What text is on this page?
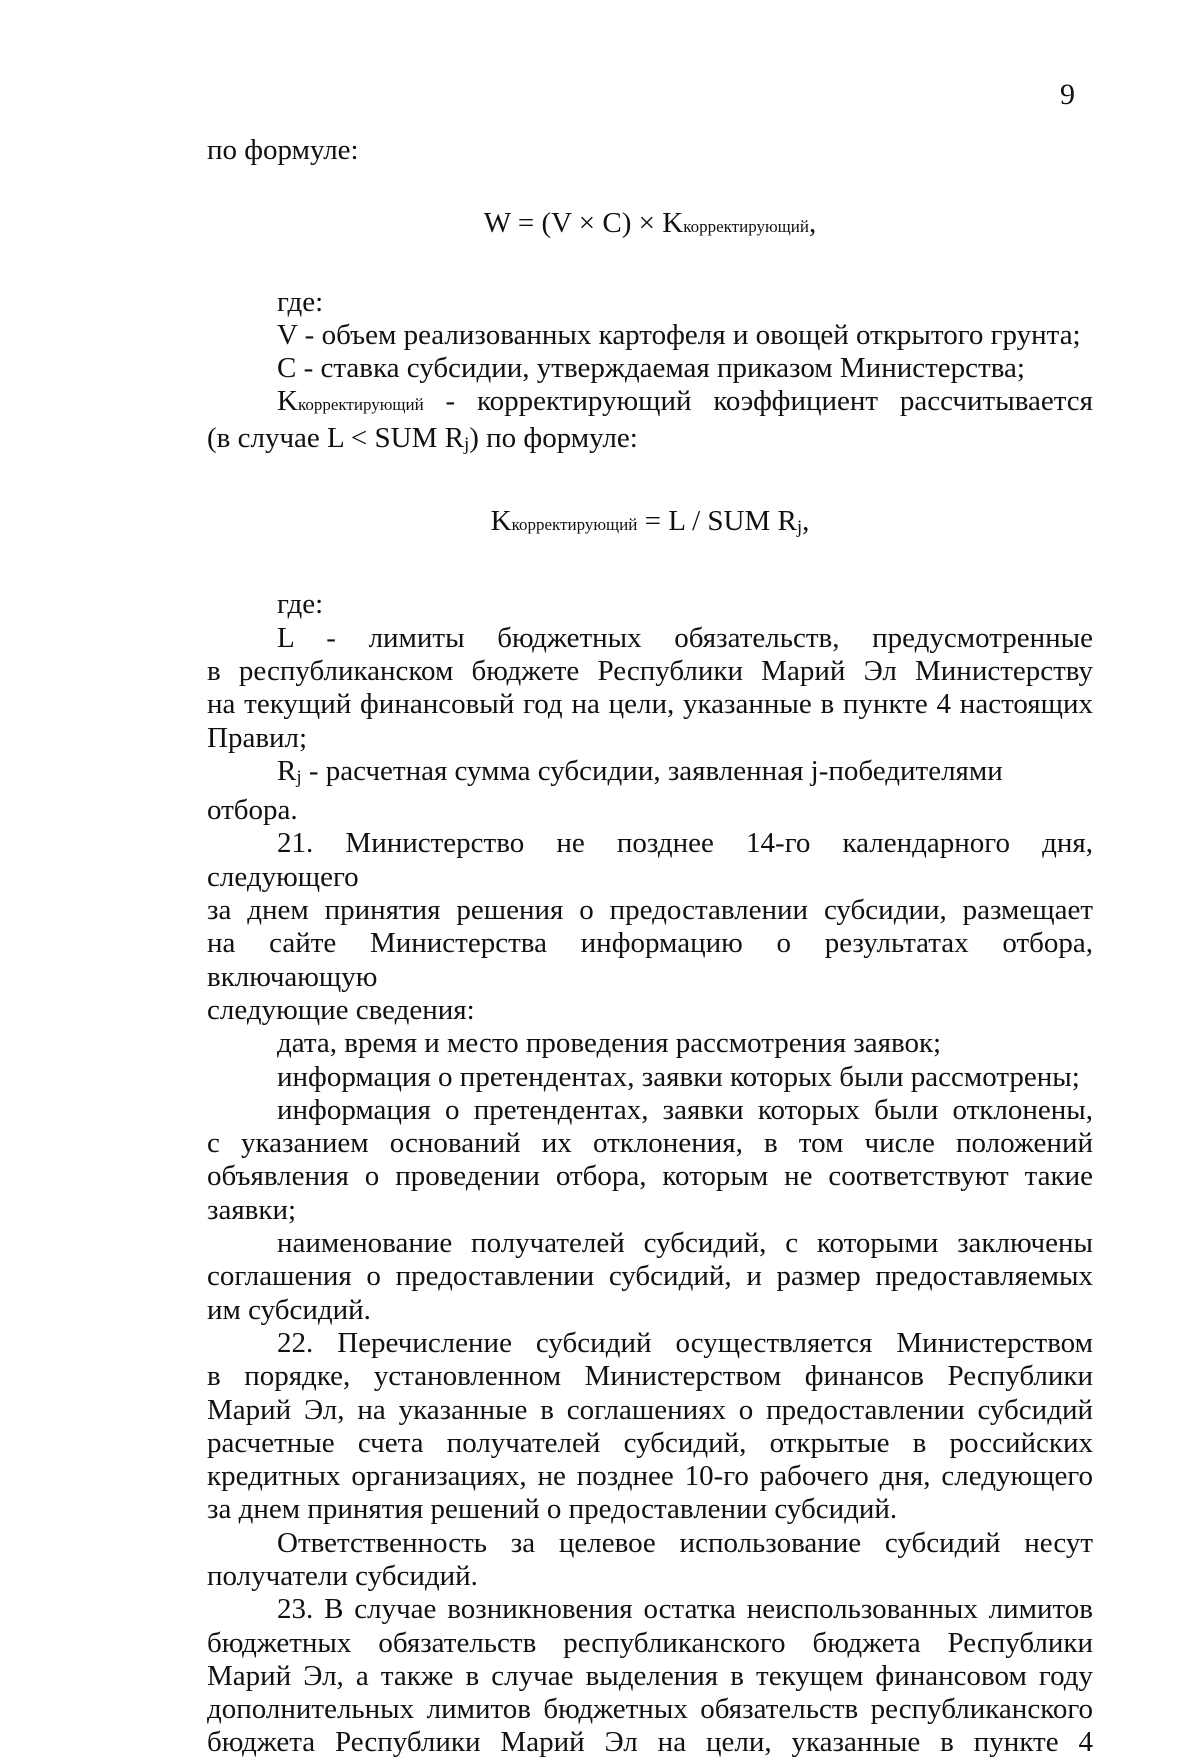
9

по формуле:

W = (V × C) × Kкорректирующий,

где:

V - объем реализованных картофеля и овощей открытого грунта;

C - ставка субсидии, утверждаемая приказом Министерства;

Kкорректирующий - корректирующий коэффициент рассчитывается

(в случае L < SUM Rj) по формуле:

Kкорректирующий = L / SUM Rj,

где:

L - лимиты бюджетных обязательств, предусмотренные

в республиканском бюджете Республики Марий Эл Министерству

на текущий финансовый год на цели, указанные в пункте 4 настоящих

Правил;

Rj - расчетная сумма субсидии, заявленная j-победителями отбора.

21. Министерство не позднее 14-го календарного дня, следующего

за днем принятия решения о предоставлении субсидии, размещает

на сайте Министерства информацию о результатах отбора, включающую

следующие сведения:

дата, время и место проведения рассмотрения заявок;

информация о претендентах, заявки которых были рассмотрены;

информация о претендентах, заявки которых были отклонены,

с указанием оснований их отклонения, в том числе положений

объявления о проведении отбора, которым не соответствуют такие

заявки;

наименование получателей субсидий, с которыми заключены

соглашения о предоставлении субсидий, и размер предоставляемых

им субсидий.

22. Перечисление субсидий осуществляется Министерством

в порядке, установленном Министерством финансов Республики

Марий Эл, на указанные в соглашениях о предоставлении субсидий

расчетные счета получателей субсидий, открытые в российских

кредитных организациях, не позднее 10-го рабочего дня, следующего

за днем принятия решений о предоставлении субсидий.

Ответственность за целевое использование субсидий несут

получатели субсидий.

23. В случае возникновения остатка неиспользованных лимитов

бюджетных обязательств республиканского бюджета Республики

Марий Эл, а также в случае выделения в текущем финансовом году

дополнительных лимитов бюджетных обязательств республиканского

бюджета Республики Марий Эл на цели, указанные в пункте 4
